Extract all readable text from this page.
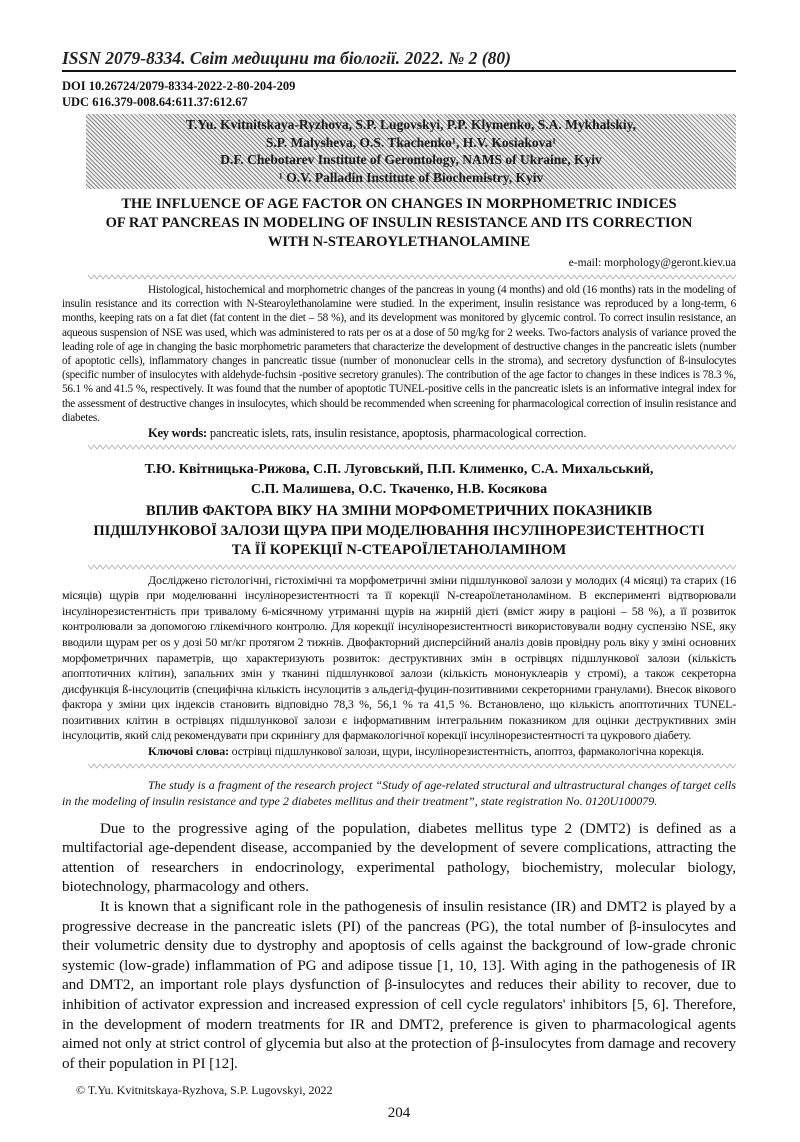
ISSN 2079-8334. Світ медицини та біології. 2022. № 2 (80)
DOI 10.26724/2079-8334-2022-2-80-204-209
UDC 616.379-008.64:611.37:612.67
T.Yu. Kvitnitskaya-Ryzhova, S.P. Lugovskyi, P.P. Klymenko, S.A. Mykhalskiy,
S.P. Malysheva, O.S. Tkachenko¹, H.V. Kosiakova¹
D.F. Chebotarev Institute of Gerontology, NAMS of Ukraine, Kyiv
¹ O.V. Palladin Institute of Biochemistry, Kyiv
THE INFLUENCE OF AGE FACTOR ON CHANGES IN MORPHOMETRIC INDICES
OF RAT PANCREAS IN MODELING OF INSULIN RESISTANCE AND ITS CORRECTION
WITH N-STEAROYLETHANOLAMINE
e-mail: morphology@geront.kiev.ua

Histological, histochemical and morphometric changes of the pancreas in young (4 months) and old (16 months) rats in the modeling of insulin resistance and its correction with N-Stearoylethanolamine were studied. In the experiment, insulin resistance was reproduced by a long-term, 6 months, keeping rats on a fat diet (fat content in the diet – 58 %), and its development was monitored by glycemic control. To correct insulin resistance, an aqueous suspension of NSE was used, which was administered to rats per os at a dose of 50 mg/kg for 2 weeks. Two-factors analysis of variance proved the leading role of age in changing the basic morphometric parameters that characterize the development of destructive changes in the pancreatic islets (number of apoptotic cells), inflammatory changes in pancreatic tissue (number of mononuclear cells in the stroma), and secretory dysfunction of ß-insulocytes (specific number of insulocytes with aldehyde-fuchsin -positive secretory granules). The contribution of the age factor to changes in these indices is 78.3 %, 56.1 % and 41.5 %, respectively. It was found that the number of apoptotic TUNEL-positive cells in the pancreatic islets is an informative integral index for the assessment of destructive changes in insulocytes, which should be recommended when screening for pharmacological correction of insulin resistance and diabetes.

Key words: pancreatic islets, rats, insulin resistance, apoptosis, pharmacological correction.

Т.Ю. Квітницька-Рижова, С.П. Луговський, П.П. Клименко, С.А. Михальський,
С.П. Малишева, О.С. Ткаченко, Н.В. Косякова
ВПЛИВ ФАКТОРА ВІКУ НА ЗМІНИ МОРФОМЕТРИЧНИХ ПОКАЗНИКІВ
ПІДШЛУНКОВОЇ ЗАЛОЗИ ЩУРА ПРИ МОДЕЛЮВАННЯ ІНСУЛІНОРЕЗИСТЕНТНОСТІ
ТА ЇЇ КОРЕКЦІЇ N-СТЕАРОЇЛЕТАНОЛАМІНОМ

Досліджено гістологічні, гістохімічні та морфометричні зміни підшлункової залози у молодих (4 місяці) та старих (16 місяців) щурів при моделюванні інсулінорезистентності та її корекції N-стеароїлетаноламіном. В експерименті відтворювали інсулінорезистентність при тривалому 6-місячному утриманні щурів на жирній дієті (вміст жиру в раціоні – 58 %), а її розвиток контролювали за допомогою глікемічного контролю. Для корекції інсулінорезистентності використовували водну суспензію NSE, яку вводили щурам per os у дозі 50 мг/кг протягом 2 тижнів. Двофакторний дисперсійний аналіз довів провідну роль віку у зміні основних морфометричних параметрів, що характеризують розвиток: деструктивних змін в острівцях підшлункової залози (кількість апоптотичних клітин), запальних змін у тканині підшлункової залози (кількість мононуклеарів у стромі), а також секреторна дисфункція ß-інсулоцитів (специфічна кількість інсулоцитів з альдегід-фуцин-позитивними секреторними гранулами). Внесок вікового фактора у зміни цих індексів становить відповідно 78,3 %, 56,1 % та 41,5 %. Встановлено, що кількість апоптотичних TUNEL-позитивних клітин в острівцях підшлункової залози є інформативним інтегральним показником для оцінки деструктивних змін інсулоцитів, який слід рекомендувати при скринінгу для фармакологічної корекції інсулінорезистентності та цукрового діабету.

Ключові слова: острівці підшлункової залози, щури, інсулінорезистентність, апоптоз, фармакологічна корекція.

The study is a fragment of the research project “Study of age-related structural and ultrastructural changes of target cells in the modeling of insulin resistance and type 2 diabetes mellitus and their treatment”, state registration No. 0120U100079.

Due to the progressive aging of the population, diabetes mellitus type 2 (DMT2) is defined as a multifactorial age-dependent disease, accompanied by the development of severe complications, attracting the attention of researchers in endocrinology, experimental pathology, biochemistry, molecular biology, biotechnology, pharmacology and others.

It is known that a significant role in the pathogenesis of insulin resistance (IR) and DMT2 is played by a progressive decrease in the pancreatic islets (PI) of the pancreas (PG), the total number of β-insulocytes and their volumetric density due to dystrophy and apoptosis of cells against the background of low-grade chronic systemic (low-grade) inflammation of PG and adipose tissue [1, 10, 13]. With aging in the pathogenesis of IR and DMT2, an important role plays dysfunction of β-insulocytes and reduces their ability to recover, due to inhibition of activator expression and increased expression of cell cycle regulators' inhibitors [5, 6]. Therefore, in the development of modern treatments for IR and DMT2, preference is given to pharmacological agents aimed not only at strict control of glycemia but also at the protection of β-insulocytes from damage and recovery of their population in PI [12].

© T.Yu. Kvitnitskaya-Ryzhova, S.P. Lugovskyi, 2022
204
